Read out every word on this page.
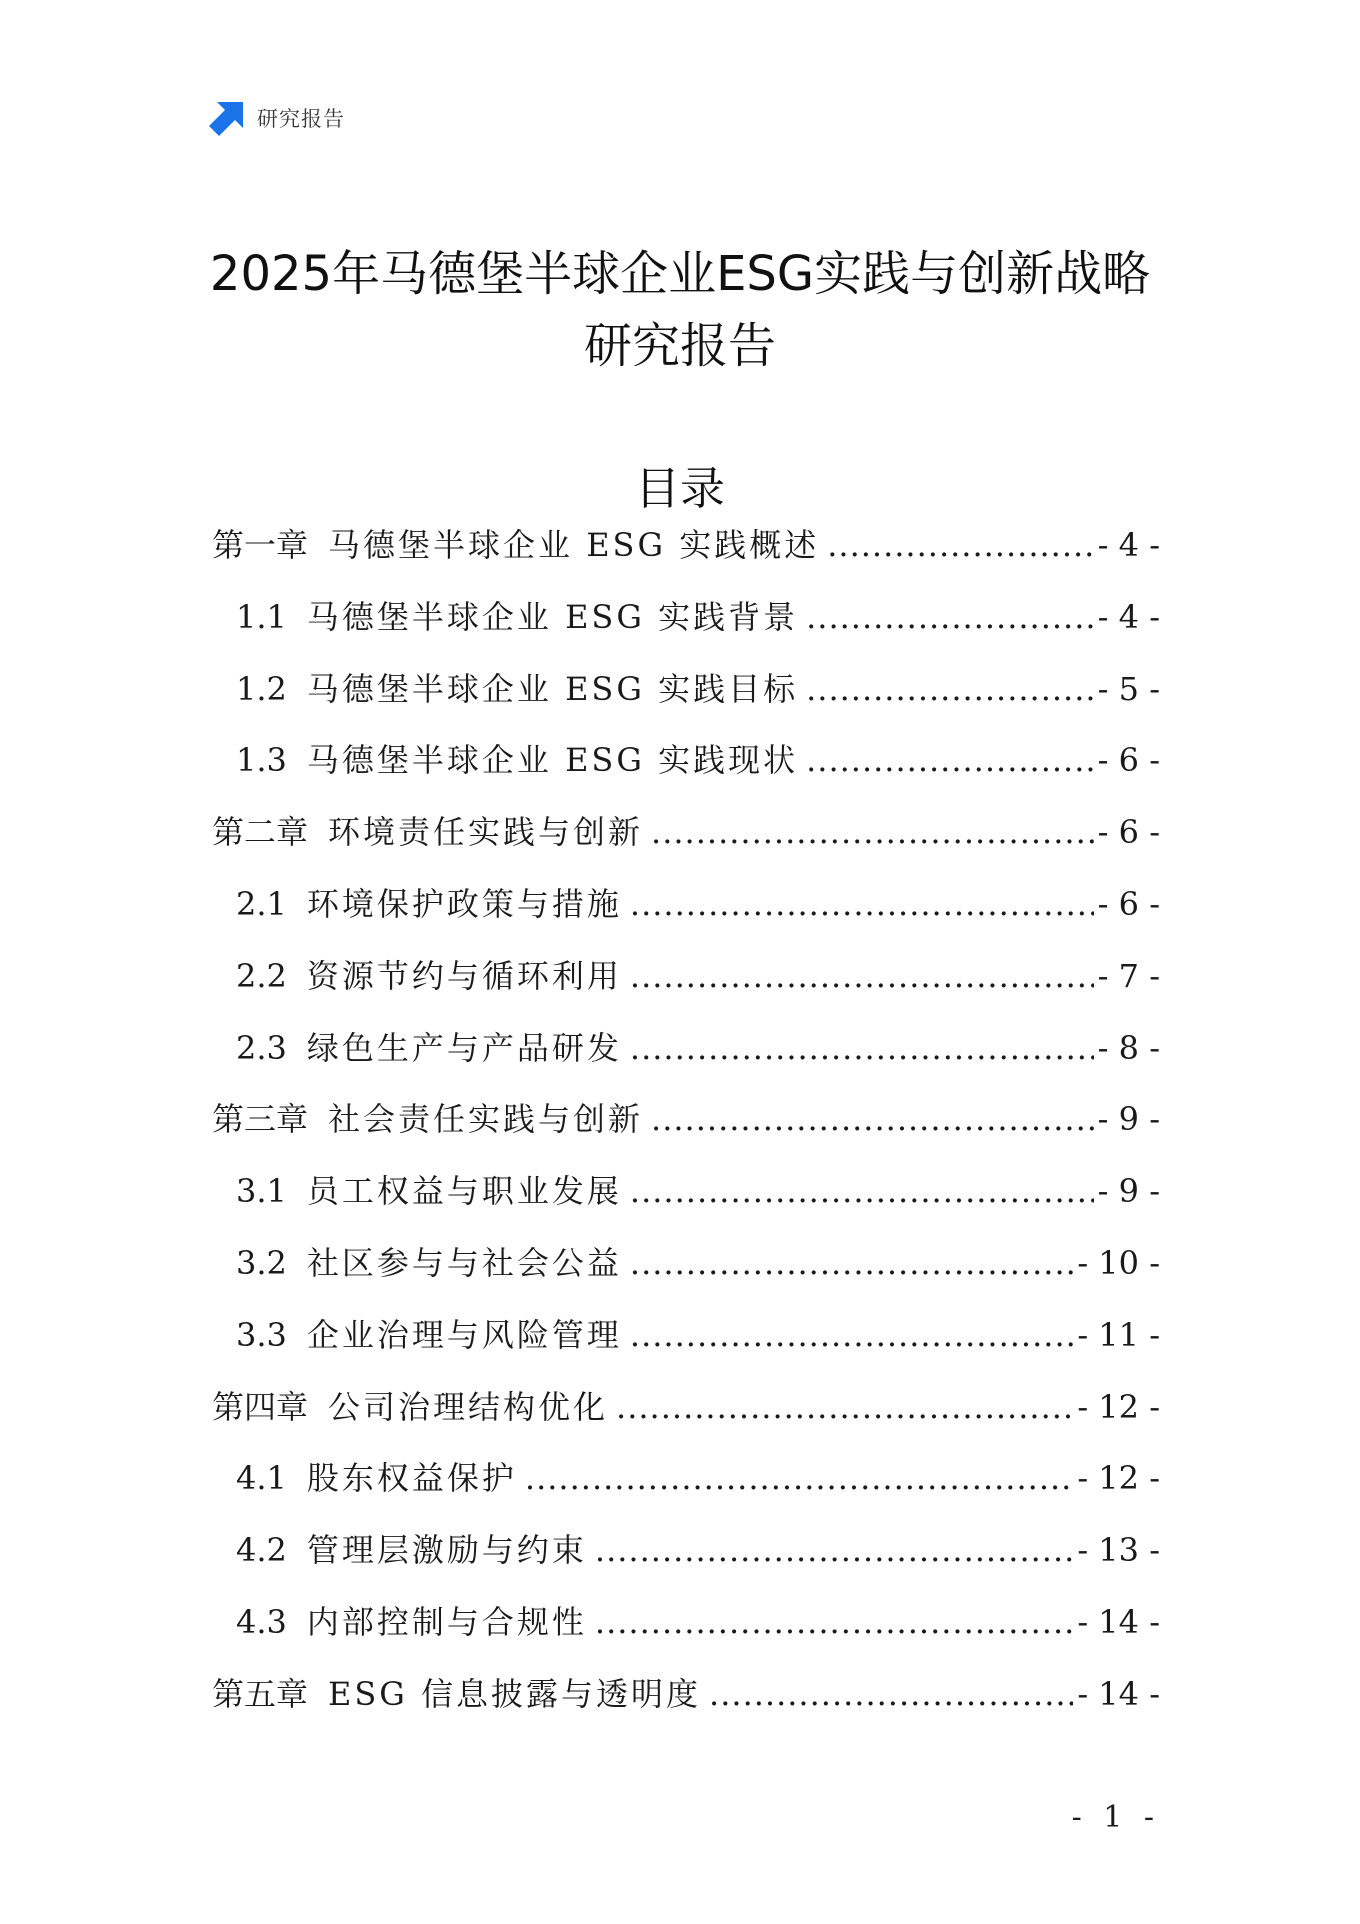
研究报告
2025年马德堡半球企业ESG实践与创新战略
研究报告
目录
第一章 马德堡半球企业 ESG 实践概述 .....	- 4 -
1.1 马德堡半球企业 ESG 实践背景 .....	- 4 -
1.2 马德堡半球企业 ESG 实践目标 .....	- 5 -
1.3 马德堡半球企业 ESG 实践现状 .....	- 6 -
第二章 环境责任实践与创新 .....	- 6 -
2.1 环境保护政策与措施 .....	- 6 -
2.2 资源节约与循环利用 .....	- 7 -
2.3 绿色生产与产品研发 .....	- 8 -
第三章 社会责任实践与创新 .....	- 9 -
3.1 员工权益与职业发展 .....	- 9 -
3.2 社区参与与社会公益 .....	- 10 -
3.3 企业治理与风险管理 .....	- 11 -
第四章 公司治理结构优化 .....	- 12 -
4.1 股东权益保护 .....	- 12 -
4.2 管理层激励与约束 .....	- 13 -
4.3 内部控制与合规性 .....	- 14 -
第五章 ESG 信息披露与透明度 .....	- 14 -
- 1 -
